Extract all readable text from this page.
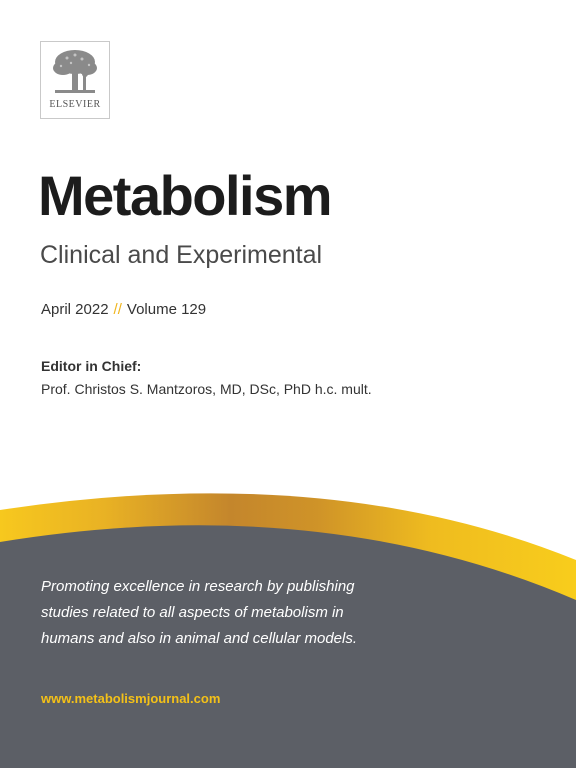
ELSEVIER
Metabolism
Clinical and Experimental
April 2022 // Volume 129
Editor in Chief:
Prof. Christos S. Mantzoros, MD, DSc, PhD h.c. mult.
Promoting excellence in research by publishing
studies related to all aspects of metabolism in
humans and also in animal and cellular models.
www.metabolismjournal.com
